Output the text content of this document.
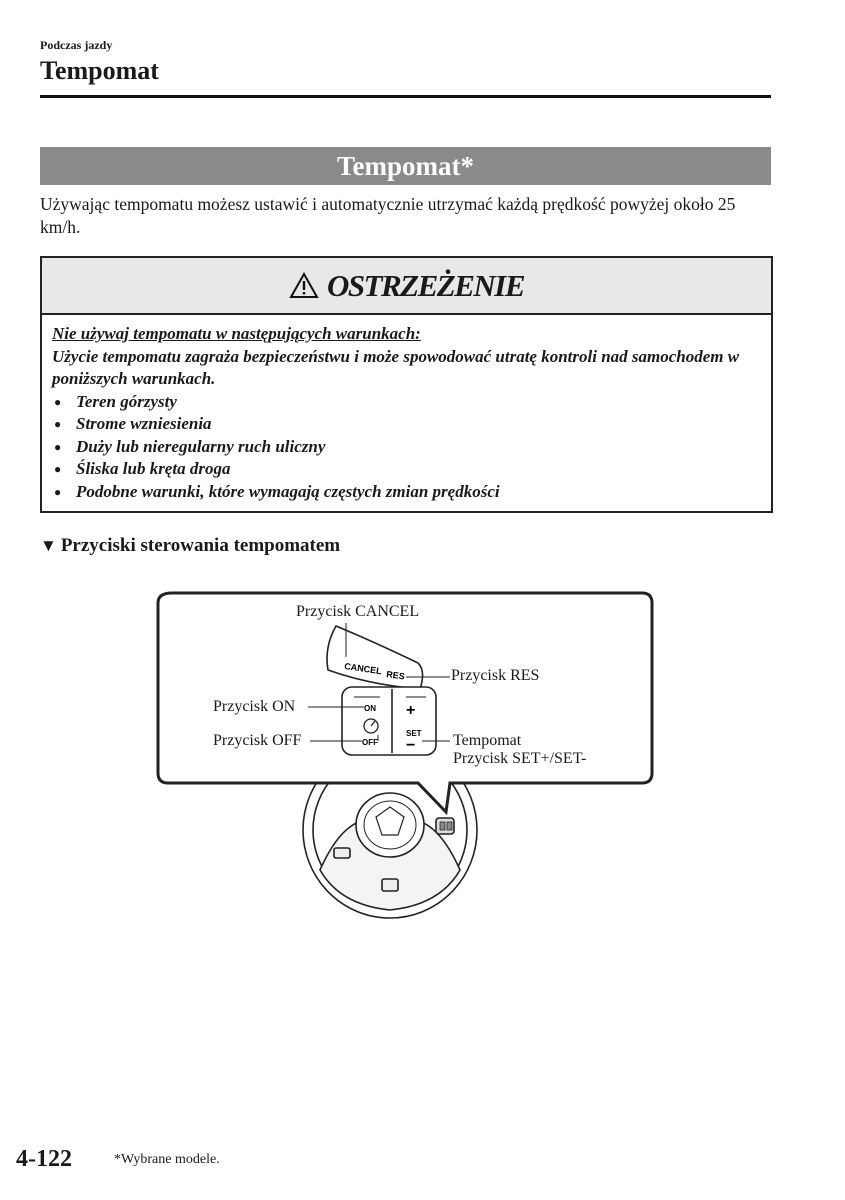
Podczas jazdy
Tempomat
Tempomat*
Używając tempomatu możesz ustawić i automatycznie utrzymać każdą prędkość powyżej około 25 km/h.
OSTRZEŻENIE
Nie używaj tempomatu w następujących warunkach:
Użycie tempomatu zagraża bezpieczeństwu i może spowodować utratę kontroli nad samochodem w poniższych warunkach.
● Teren górzysty
● Strome wzniesienia
● Duży lub nieregularny ruch uliczny
● Śliska lub kręta droga
● Podobne warunki, które wymagają częstych zmian prędkości
▼ Przyciski sterowania tempomatem
CANCEL RES
ON
OFF
+
SET
−
Przycisk CANCEL
Przycisk RES
Przycisk ON
Przycisk OFF	Tempomat
Przycisk SET+/SET-
4-122	*Wybrane modele.
